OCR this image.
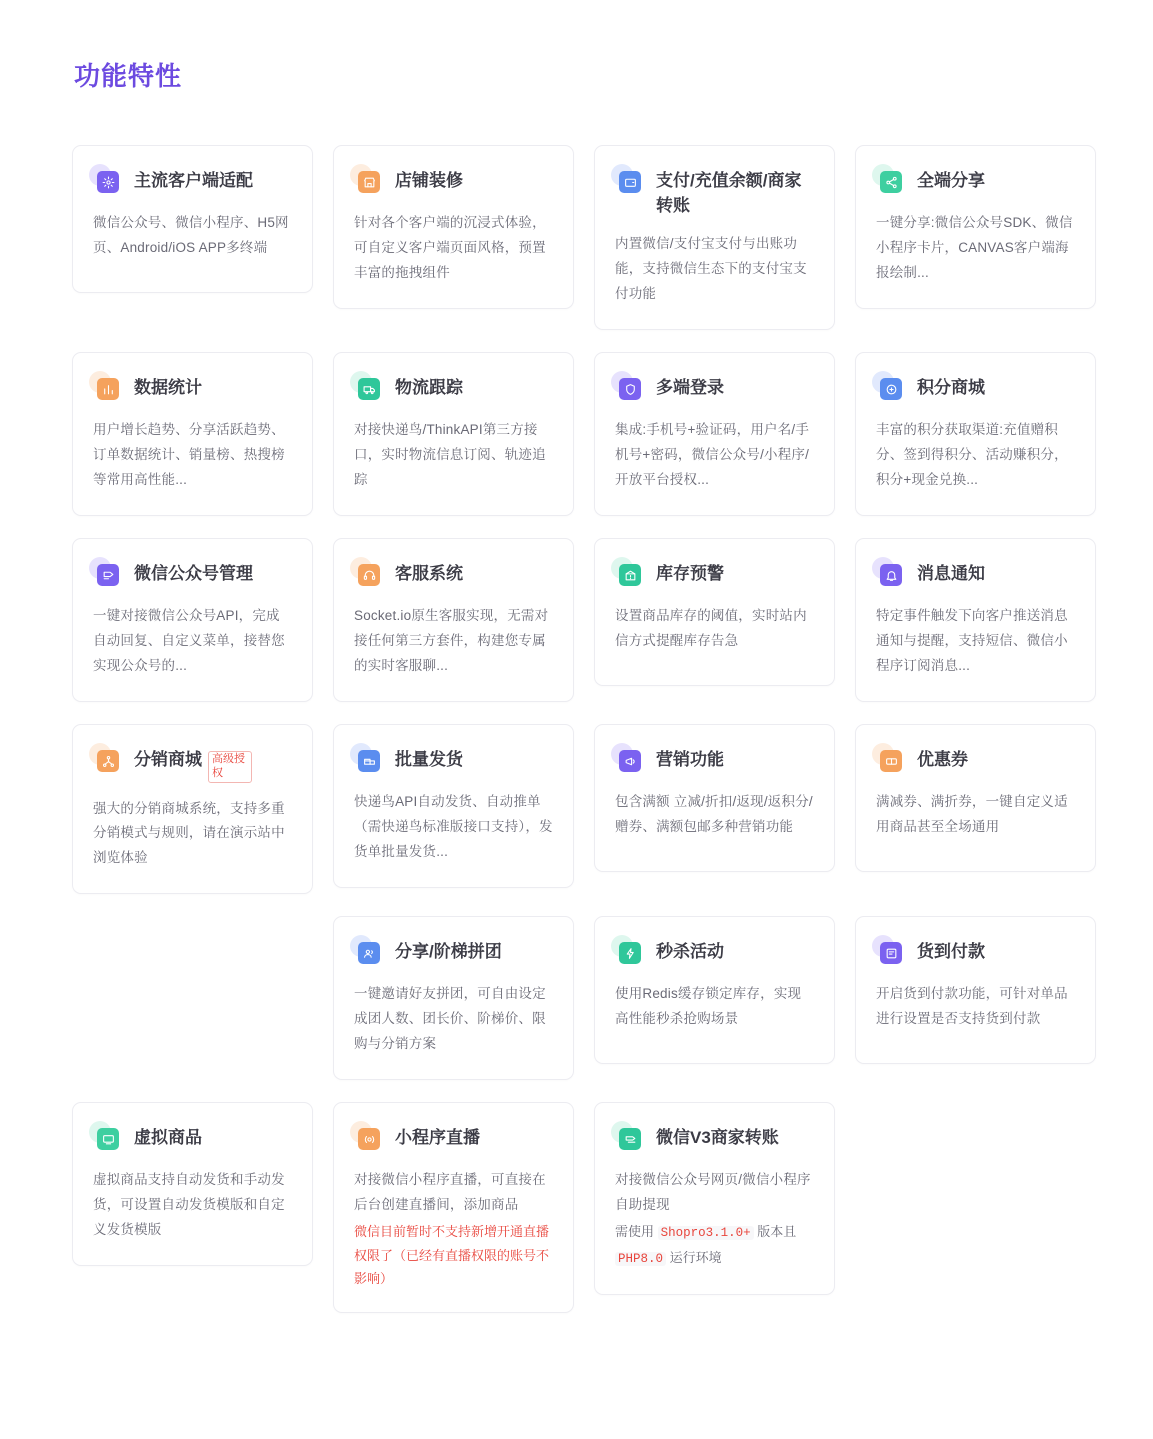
功能特性
主流客户端适配
微信公众号、微信小程序、H5网页、Android/iOS APP多终端
店铺装修
针对各个客户端的沉浸式体验，可自定义客户端页面风格，预置丰富的拖拽组件
支付/充值余额/商家转账
内置微信/支付宝支付与出账功能，支持微信生态下的支付宝支付功能
全端分享
一键分享:微信公众号SDK、微信小程序卡片，CANVAS客户端海报绘制...
数据统计
用户增长趋势、分享活跃趋势、订单数据统计、销量榜、热搜榜等常用高性能...
物流跟踪
对接快递鸟/ThinkAPI第三方接口，实时物流信息订阅、轨迹追踪
多端登录
集成:手机号+验证码，用户名/手机号+密码，微信公众号/小程序/开放平台授权...
积分商城
丰富的积分获取渠道:充值赠积分、签到得积分、活动赚积分，积分+现金兑换...
微信公众号管理
一键对接微信公众号API，完成自动回复、自定义菜单，接替您实现公众号的...
客服系统
Socket.io原生客服实现，无需对接任何第三方套件，构建您专属的实时客服聊...
库存预警
设置商品库存的阈值，实时站内信方式提醒库存告急
消息通知
特定事件触发下向客户推送消息通知与提醒，支持短信、微信小程序订阅消息...
分销商城 高级授权
强大的分销商城系统，支持多重分销模式与规则，请在演示站中浏览体验
批量发货
快递鸟API自动发货、自动推单（需快递鸟标准版接口支持），发货单批量发货...
营销功能
包含满额 立减/折扣/返现/返积分/赠券、满额包邮多种营销功能
优惠券
满减券、满折券，一键自定义适用商品甚至全场通用
分享/阶梯拼团
一键邀请好友拼团，可自由设定成团人数、团长价、阶梯价、限购与分销方案
秒杀活动
使用Redis缓存锁定库存，实现高性能秒杀抢购场景
货到付款
开启货到付款功能，可针对单品进行设置是否支持货到付款
虚拟商品
虚拟商品支持自动发货和手动发货，可设置自动发货模版和自定义发货模版
小程序直播
对接微信小程序直播，可直接在后台创建直播间，添加商品
微信目前暂时不支持新增开通直播权限了（已经有直播权限的账号不影响）
微信V3商家转账
对接微信公众号网页/微信小程序自助提现
需使用 Shopro3.1.0+ 版本且 PHP8.0 运行环境
